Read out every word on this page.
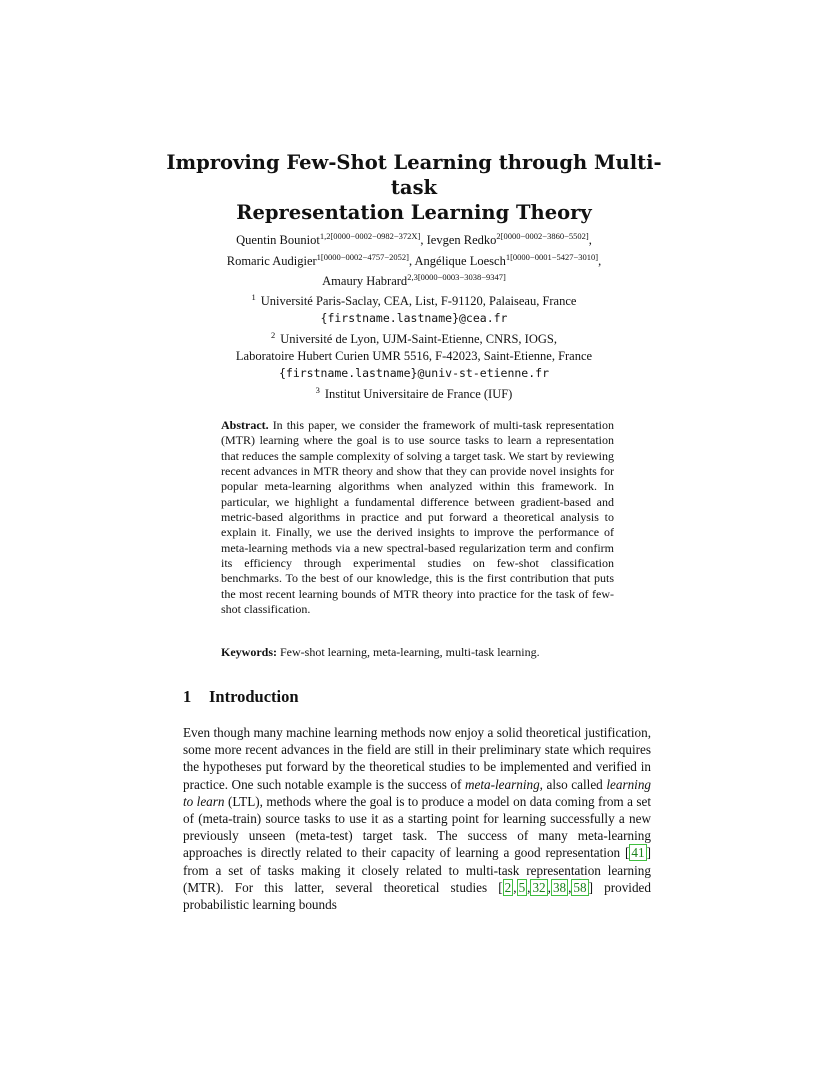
Improving Few-Shot Learning through Multi-task
Representation Learning Theory
Quentin Bouniot$^{1,2[0000-0002-0982-372X]}$, Ievgen Redko$^{2[0000-0002-3860-5502]}$,
Romaric Audigier$^{1[0000-0002-4757-2052]}$, Angélique Loesch$^{1[0000-0001-5427-3010]}$,
Amaury Habrard$^{2,3[0000-0003-3038-9347]}$
$^1$ Université Paris-Saclay, CEA, List, F-91120, Palaiseau, France
{firstname.lastname}@cea.fr
$^2$ Université de Lyon, UJM-Saint-Etienne, CNRS, IOGS,
Laboratoire Hubert Curien UMR 5516, F-42023, Saint-Etienne, France
{firstname.lastname}@univ-st-etienne.fr
$^3$ Institut Universitaire de France (IUF)
Abstract. In this paper, we consider the framework of multi-task representation (MTR) learning where the goal is to use source tasks to learn a representation that reduces the sample complexity of solving a target task. We start by reviewing recent advances in MTR theory and show that they can provide novel insights for popular meta-learning algorithms when analyzed within this framework. In particular, we highlight a fundamental difference between gradient-based and metric-based algorithms in practice and put forward a theoretical analysis to explain it. Finally, we use the derived insights to improve the performance of meta-learning methods via a new spectral-based regularization term and confirm its efficiency through experimental studies on few-shot classification benchmarks. To the best of our knowledge, this is the first contribution that puts the most recent learning bounds of MTR theory into practice for the task of few-shot classification.
Keywords: Few-shot learning, meta-learning, multi-task learning.
1 Introduction
Even though many machine learning methods now enjoy a solid theoretical justification, some more recent advances in the field are still in their preliminary state which requires the hypotheses put forward by the theoretical studies to be implemented and verified in practice. One such notable example is the success of meta-learning, also called learning to learn (LTL), methods where the goal is to produce a model on data coming from a set of (meta-train) source tasks to use it as a starting point for learning successfully a new previously unseen (meta-test) target task. The success of many meta-learning approaches is directly related to their capacity of learning a good representation [ 41 ] from a set of tasks making it closely related to multi-task representation learning (MTR). For this latter, several theoretical studies [ 2 , 5 , 32 , 38 , 58 ] provided probabilistic learning bounds
